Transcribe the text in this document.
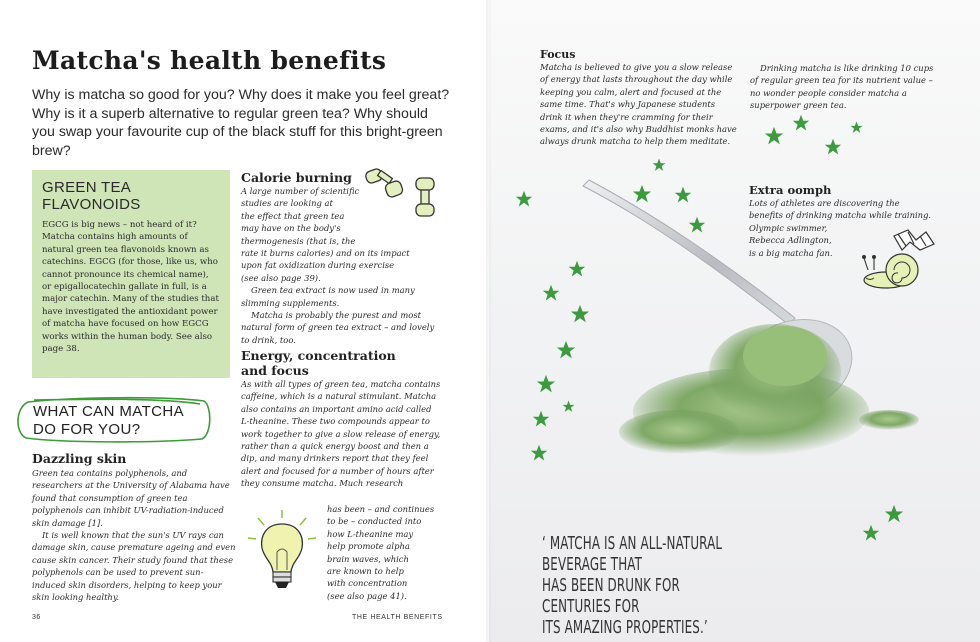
Matcha's health benefits

Why is matcha so good for you? Why does it make you feel great? Why is it a superb alternative to regular green tea? Why should you swap your favourite cup of the black stuff for this bright-green brew?

GREEN TEA
FLAVONOIDS

EGCG is big news – not heard of it? Matcha contains high amounts of natural green tea flavonoids known as catechins. EGCG (for those, like us, who cannot pronounce its chemical name), or epigallocatechin gallate in full, is a major catechin. Many of the studies that have investigated the antioxidant power of matcha have focused on how EGCG works within the human body. See also page 38.

WHAT CAN MATCHA
DO FOR YOU?

Dazzling skin

Green tea contains polyphenols, and researchers at the University of Alabama have found that consumption of green tea polyphenols can inhibit UV-radiation-induced skin damage [1].

It is well known that the sun's UV rays can damage skin, cause premature ageing and even cause skin cancer. Their study found that these polyphenols can be used to prevent sun-induced skin disorders, helping to keep your skin looking healthy.

Calorie burning

A large number of scientific
studies are looking at
the effect that green tea
may have on the body's
thermogenesis (that is, the
rate it burns calories) and on its impact
upon fat oxidization during exercise
(see also page 39).

Green tea extract is now used in many slimming supplements.

Matcha is probably the purest and most natural form of green tea extract – and lovely to drink, too.

Energy, concentration
and focus

As with all types of green tea, matcha contains caffeine, which is a natural stimulant. Matcha also contains an important amino acid called L-theanine. These two compounds appear to work together to give a slow release of energy, rather than a quick energy boost and then a dip, and many drinkers report that they feel alert and focused for a number of hours after they consume matcha. Much research

has been – and continues
to be – conducted into
how L-theanine may
help promote alpha
brain waves, which
are known to help
with concentration
(see also page 41).

36	THE HEALTH BENEFITS

Focus

Matcha is believed to give you a slow release of energy that lasts throughout the day while keeping you calm, alert and focused at the same time. That's why Japanese students drink it when they're cramming for their exams, and it's also why Buddhist monks have always drunk matcha to help them meditate.

Drinking matcha is like drinking 10 cups of regular green tea for its nutrient value – no wonder people consider matcha a superpower green tea.

Extra oomph

Lots of athletes are discovering the
benefits of drinking matcha while training.
Olympic swimmer,
Rebecca Adlington,
is a big matcha fan.

‘ MATCHA IS AN ALL-NATURAL BEVERAGE THAT
HAS BEEN DRUNK FOR CENTURIES FOR
ITS AMAZING PROPERTIES.’
